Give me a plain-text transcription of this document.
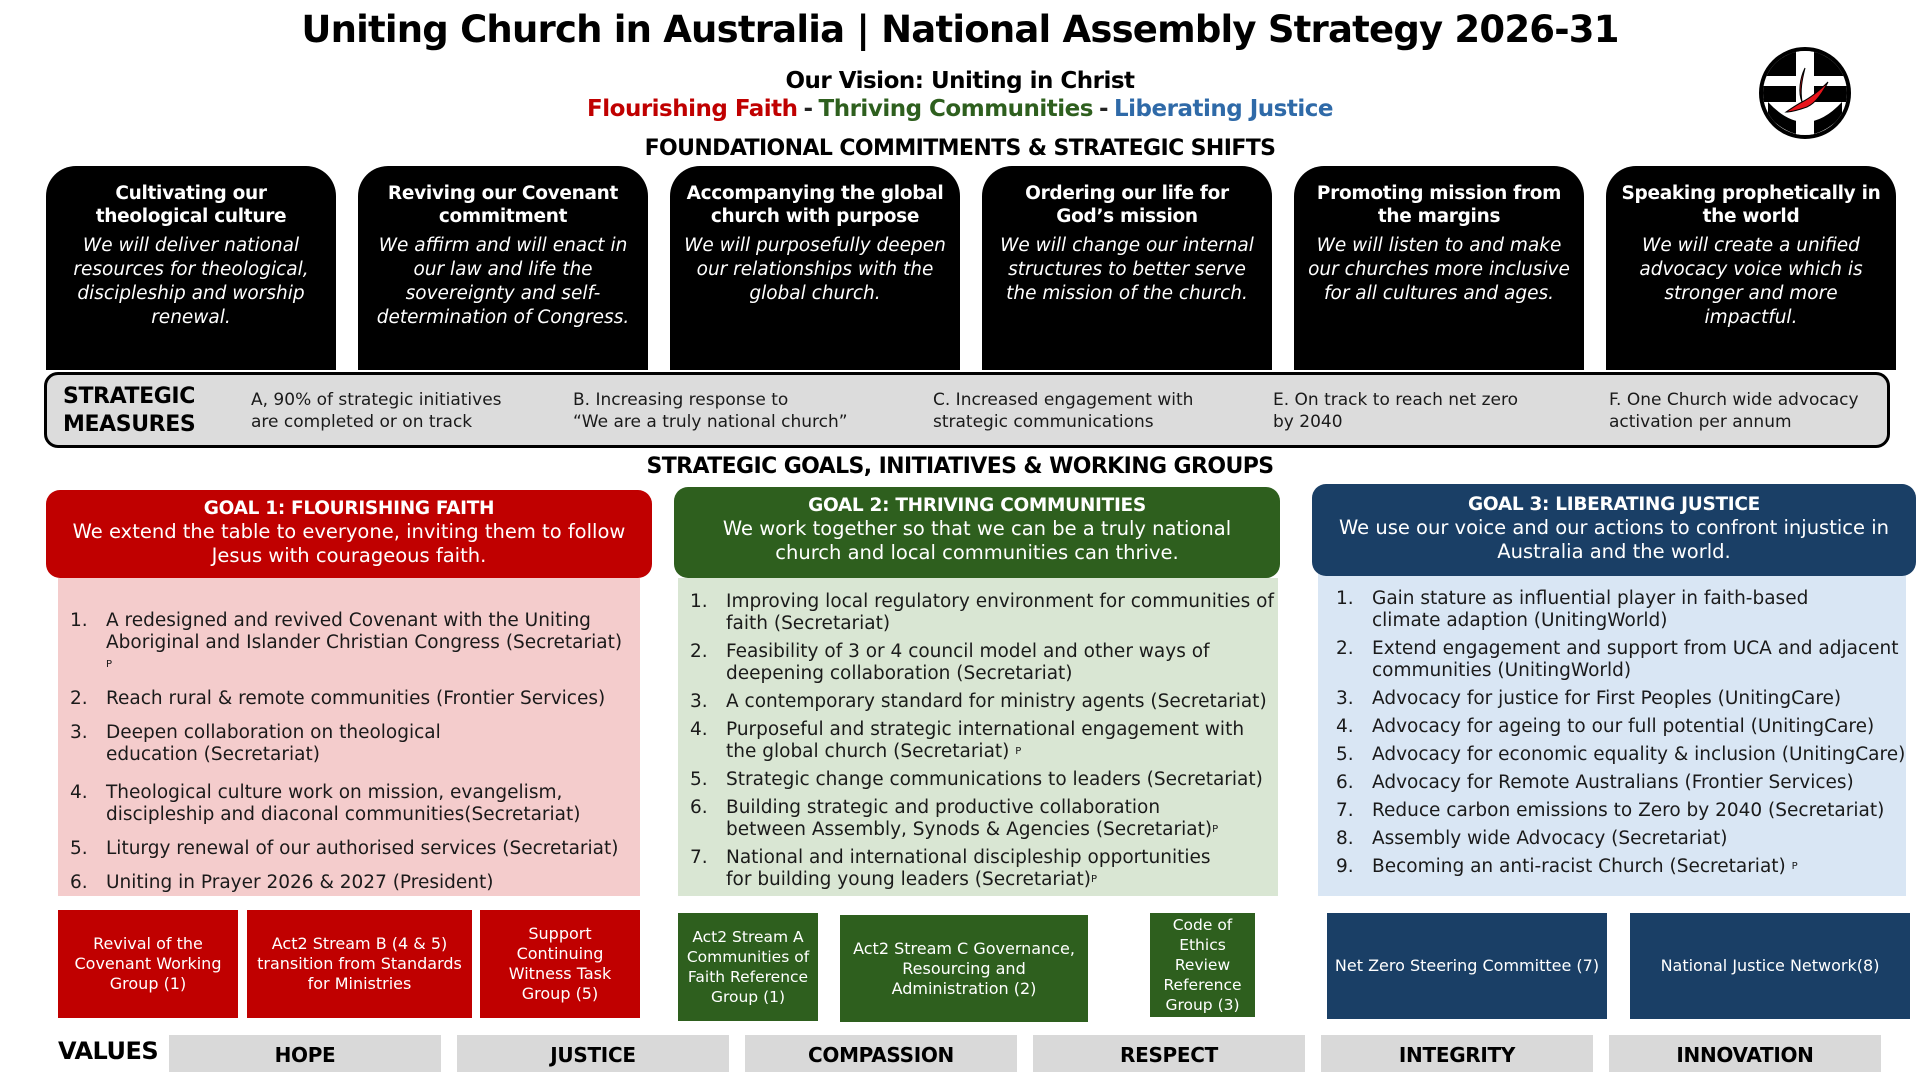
Uniting Church in Australia | National Assembly Strategy 2026-31
Our Vision: Uniting in Christ
Flourishing Faith - Thriving Communities - Liberating Justice
FOUNDATIONAL COMMITMENTS & STRATEGIC SHIFTS
Cultivating our theological culture
We will deliver national resources for theological, discipleship and worship renewal.
Reviving our Covenant commitment
We affirm and will enact in our law and life the sovereignty and self-determination of Congress.
Accompanying the global church with purpose
We will purposefully deepen our relationships with the global church.
Ordering our life for God’s mission
We will change our internal structures to better serve the mission of the church.
Promoting mission from the margins
We will listen to and make our churches more inclusive for all cultures and ages.
Speaking prophetically in the world
We will create a unified advocacy voice which is stronger and more impactful.
STRATEGIC
MEASURES
A, 90% of strategic initiatives
are completed or on track
B. Increasing response to
“We are a truly national church”
C. Increased engagement with
strategic communications
E. On track to reach net zero
by 2040
F. One Church wide advocacy
activation per annum
STRATEGIC GOALS, INITIATIVES & WORKING GROUPS
GOAL 1: FLOURISHING FAITH
We extend the table to everyone, inviting them to follow Jesus with courageous faith.
1. A redesigned and revived Covenant with the Uniting Aboriginal and Islander Christian Congress (Secretariat) $^P$
2. Reach rural & remote communities (Frontier Services)
3. Deepen collaboration on theological education (Secretariat)
4. Theological culture work on mission, evangelism, discipleship and diaconal communities(Secretariat)
5. Liturgy renewal of our authorised services (Secretariat)
6. Uniting in Prayer 2026 & 2027 (President)
Revival of the Covenant Working Group (1)
Act2 Stream B (4 & 5) transition from Standards for Ministries
Support Continuing Witness Task Group (5)
GOAL 2: THRIVING COMMUNITIES
We work together so that we can be a truly national church and local communities can thrive.
1. Improving local regulatory environment for communities of faith (Secretariat)
2. Feasibility of 3 or 4 council model and other ways of deepening collaboration (Secretariat)
3. A contemporary standard for ministry agents (Secretariat)
4. Purposeful and strategic international engagement with the global church (Secretariat) $^P$
5. Strategic change communications to leaders (Secretariat)
6. Building strategic and productive collaboration between Assembly, Synods & Agencies (Secretariat)$^P$
7. National and international discipleship opportunities for building young leaders (Secretariat)$^P$
Act2 Stream A Communities of Faith Reference Group (1)
Act2 Stream C Governance, Resourcing and Administration (2)
Code of Ethics Review Reference Group (3)
GOAL 3: LIBERATING JUSTICE
We use our voice and our actions to confront injustice in Australia and the world.
1. Gain stature as influential player in faith-based climate adaption (UnitingWorld)
2. Extend engagement and support from UCA and adjacent communities (UnitingWorld)
3. Advocacy for justice for First Peoples (UnitingCare)
4. Advocacy for ageing to our full potential (UnitingCare)
5. Advocacy for economic equality & inclusion (UnitingCare)
6. Advocacy for Remote Australians (Frontier Services)
7. Reduce carbon emissions to Zero by 2040 (Secretariat)
8. Assembly wide Advocacy (Secretariat)
9. Becoming an anti-racist Church (Secretariat) $^P$
Net Zero Steering Committee (7)	National Justice Network(8)
VALUES	HOPE	JUSTICE	COMPASSION	RESPECT	INTEGRITY	INNOVATION
